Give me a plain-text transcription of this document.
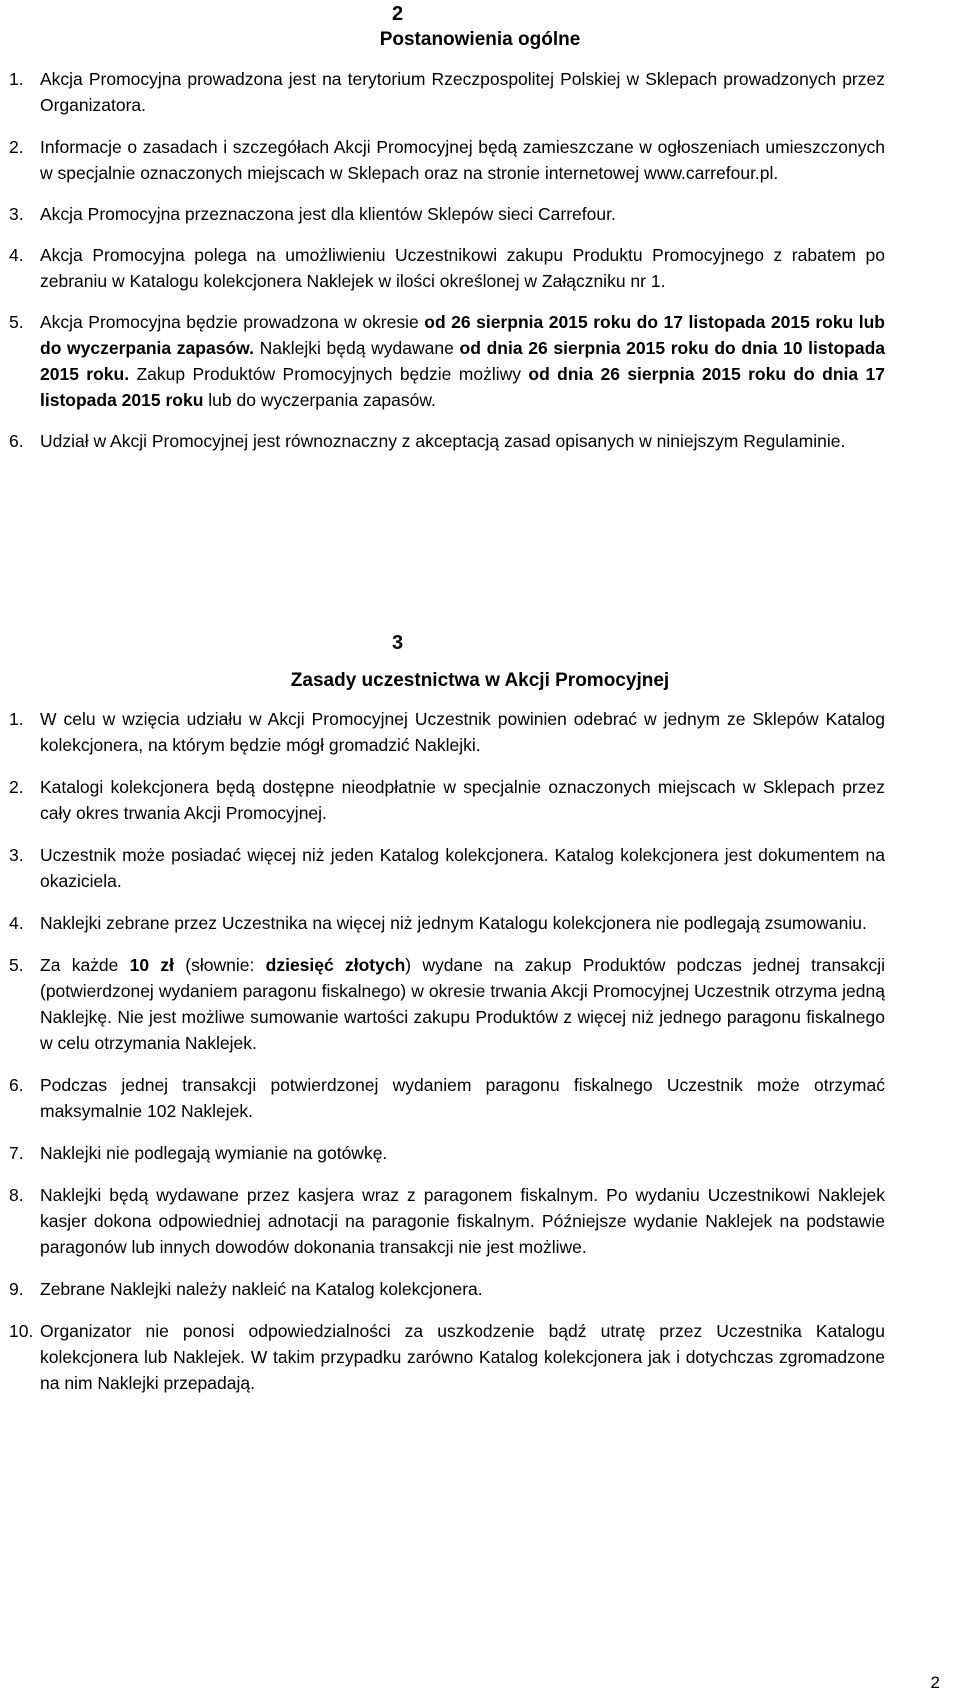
2
Postanowienia ogólne
1. Akcja Promocyjna prowadzona jest na terytorium Rzeczpospolitej Polskiej w Sklepach prowadzonych przez Organizatora.
2. Informacje o zasadach i szczegółach Akcji Promocyjnej będą zamieszczane w ogłoszeniach umieszczonych w specjalnie oznaczonych miejscach w Sklepach oraz na stronie internetowej www.carrefour.pl.
3. Akcja Promocyjna przeznaczona jest dla klientów Sklepów sieci Carrefour.
4. Akcja Promocyjna polega na umożliwieniu Uczestnikowi zakupu Produktu Promocyjnego z rabatem po zebraniu w Katalogu kolekcjonera Naklejek w ilości określonej w Załączniku nr 1.
5. Akcja Promocyjna będzie prowadzona w okresie od 26 sierpnia 2015 roku do 17 listopada 2015 roku lub do wyczerpania zapasów. Naklejki będą wydawane od dnia 26 sierpnia 2015 roku do dnia 10 listopada 2015 roku. Zakup Produktów Promocyjnych będzie możliwy od dnia 26 sierpnia 2015 roku do dnia 17 listopada 2015 roku lub do wyczerpania zapasów.
6. Udział w Akcji Promocyjnej jest równoznaczny z akceptacją zasad opisanych w niniejszym Regulaminie.
3
Zasady uczestnictwa w Akcji Promocyjnej
1. W celu w wzięcia udziału w Akcji Promocyjnej Uczestnik powinien odebrać w jednym ze Sklepów Katalog kolekcjonera, na którym będzie mógł gromadzić Naklejki.
2. Katalogi kolekcjonera będą dostępne nieodpłatnie w specjalnie oznaczonych miejscach w Sklepach przez cały okres trwania Akcji Promocyjnej.
3. Uczestnik może posiadać więcej niż jeden Katalog kolekcjonera. Katalog kolekcjonera jest dokumentem na okaziciela.
4. Naklejki zebrane przez Uczestnika na więcej niż jednym Katalogu kolekcjonera nie podlegają zsumowaniu.
5. Za każde 10 zł (słownie: dziesięć złotych) wydane na zakup Produktów podczas jednej transakcji (potwierdzonej wydaniem paragonu fiskalnego) w okresie trwania Akcji Promocyjnej Uczestnik otrzyma jedną Naklejkę. Nie jest możliwe sumowanie wartości zakupu Produktów z więcej niż jednego paragonu fiskalnego w celu otrzymania Naklejek.
6. Podczas jednej transakcji potwierdzonej wydaniem paragonu fiskalnego Uczestnik może otrzymać maksymalnie 102 Naklejek.
7. Naklejki nie podlegają wymianie na gotówkę.
8. Naklejki będą wydawane przez kasjera wraz z paragonem fiskalnym. Po wydaniu Uczestnikowi Naklejek kasjer dokona odpowiedniej adnotacji na paragonie fiskalnym. Późniejsze wydanie Naklejek na podstawie paragonów lub innych dowodów dokonania transakcji nie jest możliwe.
9. Zebrane Naklejki należy nakleić na Katalog kolekcjonera.
10. Organizator nie ponosi odpowiedzialności za uszkodzenie bądź utratę przez Uczestnika Katalogu kolekcjonera lub Naklejek. W takim przypadku zarówno Katalog kolekcjonera jak i dotychczas zgromadzone na nim Naklejki przepadają.
2
